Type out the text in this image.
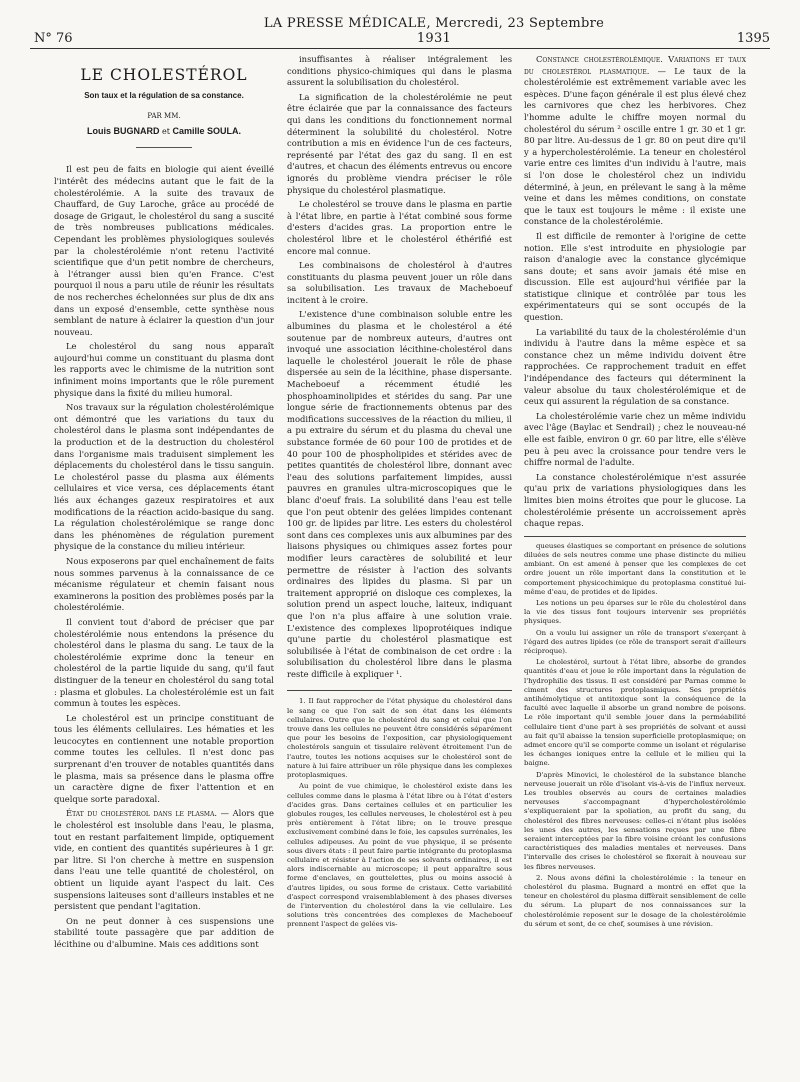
N° 76
LA PRESSE MÉDICALE, Mercredi, 23 Septembre 1931	1395
LE CHOLESTÉROL
Son taux et la régulation de sa constance.
PAR MM.
Louis BUGNARD et Camille SOULA.

Il est peu de faits en biologie qui aient éveillé l'intérêt des médecins autant que le fait de la cholestérolémie. A la suite des travaux de Chauffard, de Guy Laroche, grâce au procédé de dosage de Grigaut, le cholestérol du sang a suscité de très nombreuses publications médicales. Cependant les problèmes physiologiques soulevés par la cholestérolémie n'ont retenu l'activité scientifique que d'un petit nombre de chercheurs, à l'étranger aussi bien qu'en France. C'est pourquoi il nous a paru utile de réunir les résultats de nos recherches échelonnées sur plus de dix ans dans un exposé d'ensemble, cette synthèse nous semblant de nature à éclairer la question d'un jour nouveau.

Le cholestérol du sang nous apparaît aujourd'hui comme un constituant du plasma dont les rapports avec le chimisme de la nutrition sont infiniment moins importants que le rôle purement physique dans la fixité du milieu humoral.

Nos travaux sur la régulation cholestérolémique ont démontré que les variations du taux du cholestérol dans le plasma sont indépendantes de la production et de la destruction du cholestérol dans l'organisme mais traduisent simplement les déplacements du cholestérol dans le tissu sanguin. Le cholestérol passe du plasma aux éléments cellulaires et vice versa, ces déplacements étant liés aux échanges gazeux respiratoires et aux modifications de la réaction acido-basique du sang. La régulation cholestérolémique se range donc dans les phénomènes de régulation purement physique de la constance du milieu intérieur.

Nous exposerons par quel enchaînement de faits nous sommes parvenus à la connaissance de ce mécanisme régulateur et chemin faisant nous examinerons la position des problèmes posés par la cholestérolémie.

Il convient tout d'abord de préciser que par cholestérolémie nous entendons la présence du cholestérol dans le plasma du sang. Le taux de la cholestérolémie exprime donc la teneur en cholestérol de la partie liquide du sang, qu'il faut distinguer de la teneur en cholestérol du sang total : plasma et globules. La cholestérolémie est un fait commun à toutes les espèces.

Le cholestérol est un principe constituant de tous les éléments cellulaires. Les hématies et les leucocytes en contiennent une notable proportion comme toutes les cellules. Il n'est donc pas surprenant d'en trouver de notables quantités dans le plasma, mais sa présence dans le plasma offre un caractère digne de fixer l'attention et en quelque sorte paradoxal.

État du cholestérol dans le plasma. — Alors que le cholestérol est insoluble dans l'eau, le plasma, tout en restant parfaitement limpide, optiquement vide, en contient des quantités supérieures à 1 gr. par litre. Si l'on cherche à mettre en suspension dans l'eau une telle quantité de cholestérol, on obtient un liquide ayant l'aspect du lait. Ces suspensions laiteuses sont d'ailleurs instables et ne persistent que pendant l'agitation.

On ne peut donner à ces suspensions une stabilité toute passagère que par addition de lécithine ou d'albumine. Mais ces additions sont

insuffisantes à réaliser intégralement les conditions physico-chimiques qui dans le plasma assurent la solubilisation du cholestérol.

La signification de la cholestérolémie ne peut être éclairée que par la connaissance des facteurs qui dans les conditions du fonctionnement normal déterminent la solubilité du cholestérol. Notre contribution a mis en évidence l'un de ces facteurs, représenté par l'état des gaz du sang. Il en est d'autres, et chacun des éléments entrevus ou encore ignorés du problème viendra préciser le rôle physique du cholestérol plasmatique.

Le cholestérol se trouve dans le plasma en partie à l'état libre, en partie à l'état combiné sous forme d'esters d'acides gras. La proportion entre le cholestérol libre et le cholestérol éthérifié est encore mal connue.

Les combinaisons de cholestérol à d'autres constituants du plasma peuvent jouer un rôle dans sa solubilisation. Les travaux de Macheboeuf incitent à le croire.

L'existence d'une combinaison soluble entre les albumines du plasma et le cholestérol a été soutenue par de nombreux auteurs, d'autres ont invoqué une association lécithine-cholestérol dans laquelle le cholestérol jouerait le rôle de phase dispersée au sein de la lécithine, phase dispersante. Macheboeuf a récemment étudié les phosphoaminolipides et stérides du sang. Par une longue série de fractionnements obtenus par des modifications successives de la réaction du milieu, il a pu extraire du sérum et du plasma du cheval une substance formée de 60 pour 100 de protides et de 40 pour 100 de phospholipides et stérides avec de petites quantités de cholestérol libre, donnant avec l'eau des solutions parfaitement limpides, aussi pauvres en granules ultra-microscopiques que le blanc d'oeuf frais. La solubilité dans l'eau est telle que l'on peut obtenir des gelées limpides contenant 100 gr. de lipides par litre. Les esters du cholestérol sont dans ces complexes unis aux albumines par des liaisons physiques ou chimiques assez fortes pour modifier leurs caractères de solubilité et leur permettre de résister à l'action des solvants ordinaires des lipides du plasma. Si par un traitement approprié on disloque ces complexes, la solution prend un aspect louche, laiteux, indiquant que l'on n'a plus affaire à une solution vraie. L'existence des complexes lipoprotéiques indique qu'une partie du cholestérol plasmatique est solubilisée à l'état de combinaison de cet ordre : la solubilisation du cholestérol libre dans le plasma reste difficile à expliquer ¹.

1. Il faut rapprocher de l'état physique du cholestérol dans le sang ce que l'on sait de son état dans les éléments cellulaires. Outre que le cholestérol du sang et celui que l'on trouve dans les cellules ne peuvent être considérés séparément que pour les besoins de l'exposition, car physiologiquement cholestérols sanguin et tissulaire relèvent étroitement l'un de l'autre, toutes les notions acquises sur le cholestérol sont de nature à lui faire attribuer un rôle physique dans les complexes protoplasmiques.

Au point de vue chimique, le cholestérol existe dans les cellules comme dans le plasma à l'état libre ou à l'état d'esters d'acides gras. Dans certaines cellules et en particulier les globules rouges, les cellules nerveuses, le cholestérol est à peu près entièrement à l'état libre; on le trouve presque exclusivement combiné dans le foie, les capsules surrénales, les cellules adipeuses. Au point de vue physique, il se présente sous divers états : il peut faire partie intégrante du protoplasma cellulaire et résister à l'action de ses solvants ordinaires, il est alors indiscernable au microscope; il peut apparaître sous forme d'enclaves, en gouttelettes, plus ou moins associé à d'autres lipides, ou sous forme de cristaux. Cette variabilité d'aspect correspond vraisemblablement à des phases diverses de l'intervention du cholestérol dans la vie cellulaire. Les solutions très concentrées des complexes de Macheboeuf prennent l'aspect de gelées vis-

Constance cholestérolémique. Variations et taux du cholestérol plasmatique. — Le taux de la cholestérolémie est extrêmement variable avec les espèces. D'une façon générale il est plus élevé chez les carnivores que chez les herbivores. Chez l'homme adulte le chiffre moyen normal du cholestérol du sérum ² oscille entre 1 gr. 30 et 1 gr. 80 par litre. Au-dessus de 1 gr. 80 on peut dire qu'il y a hypercholestérolémie. La teneur en cholestérol varie entre ces limites d'un individu à l'autre, mais si l'on dose le cholestérol chez un individu déterminé, à jeun, en prélevant le sang à la même veine et dans les mêmes conditions, on constate que le taux est toujours le même : il existe une constance de la cholestérolémie.

Il est difficile de remonter à l'origine de cette notion. Elle s'est introduite en physiologie par raison d'analogie avec la constance glycémique sans doute; et sans avoir jamais été mise en discussion. Elle est aujourd'hui vérifiée par la statistique clinique et contrôlée par tous les expérimentateurs qui se sont occupés de la question.

La variabilité du taux de la cholestérolémie d'un individu à l'autre dans la même espèce et sa constance chez un même individu doivent être rapprochées. Ce rapprochement traduit en effet l'indépendance des facteurs qui déterminent la valeur absolue du taux cholestérolémique et de ceux qui assurent la régulation de sa constance.

La cholestérolémie varie chez un même individu avec l'âge (Baylac et Sendrail) ; chez le nouveau-né elle est faible, environ 0 gr. 60 par litre, elle s'élève peu à peu avec la croissance pour tendre vers le chiffre normal de l'adulte.

La constance cholestérolémique n'est assurée qu'au prix de variations physiologiques dans les limites bien moins étroites que pour le glucose. La cholestérolémie présente un accroissement après chaque repas.

queuses élastiques se comportant en présence de solutions diluées de sels neutres comme une phase distincte du milieu ambiant. On est amené à penser que les complexes de cet ordre jouent un rôle important dans la constitution et le comportement physicochimique du protoplasma constitué lui-même d'eau, de protides et de lipides.

Les notions un peu éparses sur le rôle du cholestérol dans la vie des tissus font toujours intervenir ses propriétés physiques.

On a voulu lui assigner un rôle de transport s'exerçant à l'égard des autres lipides (ce rôle de transport serait d'ailleurs réciproque).

Le cholestérol, surtout à l'état libre, absorbe de grandes quantités d'eau et joue le rôle important dans la régulation de l'hydrophilie des tissus. Il est considéré par Parnas comme le ciment des structures protoplasmiques. Ses propriétés antihémolytique et antitoxique sont la conséquence de la faculté avec laquelle il absorbe un grand nombre de poisons. Le rôle important qu'il semble jouer dans la perméabilité cellulaire tient d'une part à ses propriétés de solvant et aussi au fait qu'il abaisse la tension superficielle protoplasmique; on admet encore qu'il se comporte comme un isolant et régularise les échanges ioniques entre la cellule et le milieu qui la baigne.

D'après Minovici, le cholestérol de la substance blanche nerveuse jouerait un rôle d'isolant vis-à-vis de l'influx nerveux. Les troubles observés au cours de certaines maladies nerveuses s'accompagnant d'hypercholestérolémie s'expliqueraient par la spoliation, au profit du sang, du cholestérol des fibres nerveuses: celles-ci n'étant plus isolées les unes des autres, les sensations reçues par une fibre seraient interceptées par la fibre voisine créant les confusions caractéristiques des maladies mentales et nerveuses. Dans l'intervalle des crises le cholestérol se fixerait à nouveau sur les fibres nerveuses.

2. Nous avons défini la cholestérolémie : la teneur en cholestérol du plasma. Bugnard a montré en effet que la teneur en cholestérol du plasma diffèrait sensiblement de celle du sérum. La plupart de nos connaissances sur la cholestérolémie reposent sur le dosage de la cholestérolémie du sérum et sont, de ce chef, soumises à une révision.
